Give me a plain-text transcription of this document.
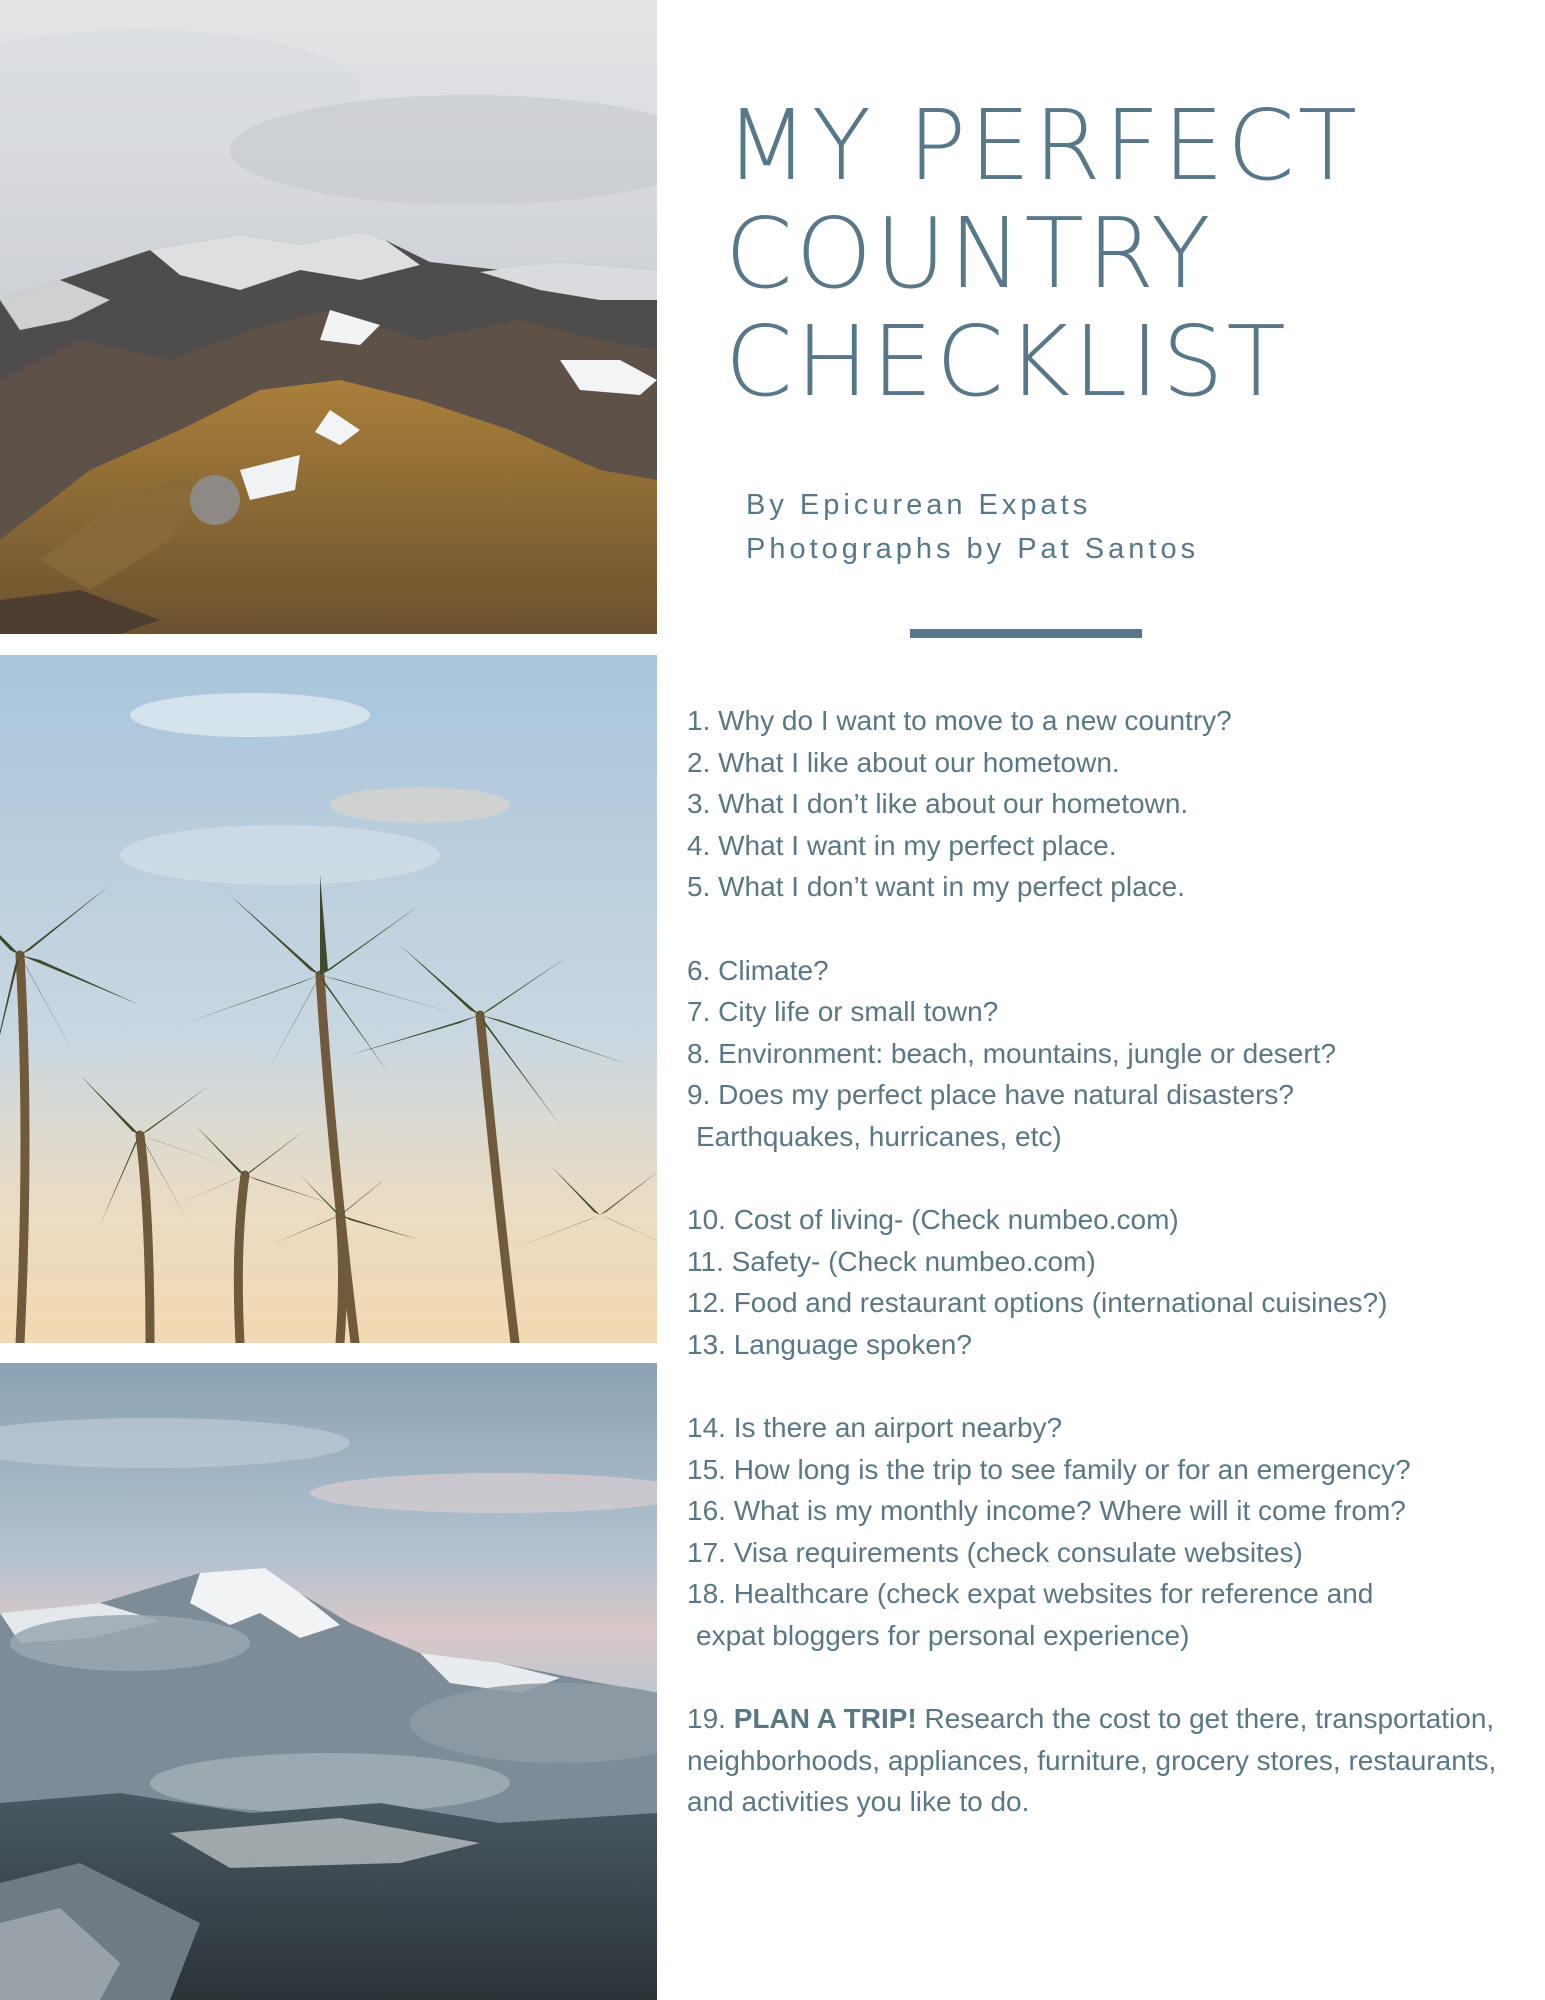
MY PERFECT
COUNTRY
CHECKLIST
By Epicurean Expats
Photographs by Pat Santos
1. Why do I want to move to a new country?
2. What I like about our hometown.
3. What I don’t like about our hometown.
4. What I want in my perfect place.
5. What I don’t want in my perfect place.
6. Climate?
7. City life or small town?
8. Environment: beach, mountains, jungle or desert?
9. Does my perfect place have natural disasters?
Earthquakes, hurricanes, etc)
10. Cost of living- (Check numbeo.com)
11. Safety- (Check numbeo.com)
12. Food and restaurant options (international cuisines?)
13. Language spoken?
14. Is there an airport nearby?
15. How long is the trip to see family or for an emergency?
16. What is my monthly income? Where will it come from?
17. Visa requirements (check consulate websites)
18. Healthcare (check expat websites for reference and
expat bloggers for personal experience)
19. PLAN A TRIP! Research the cost to get there, transportation, neighborhoods, appliances, furniture, grocery stores, restaurants, and activities you like to do.
